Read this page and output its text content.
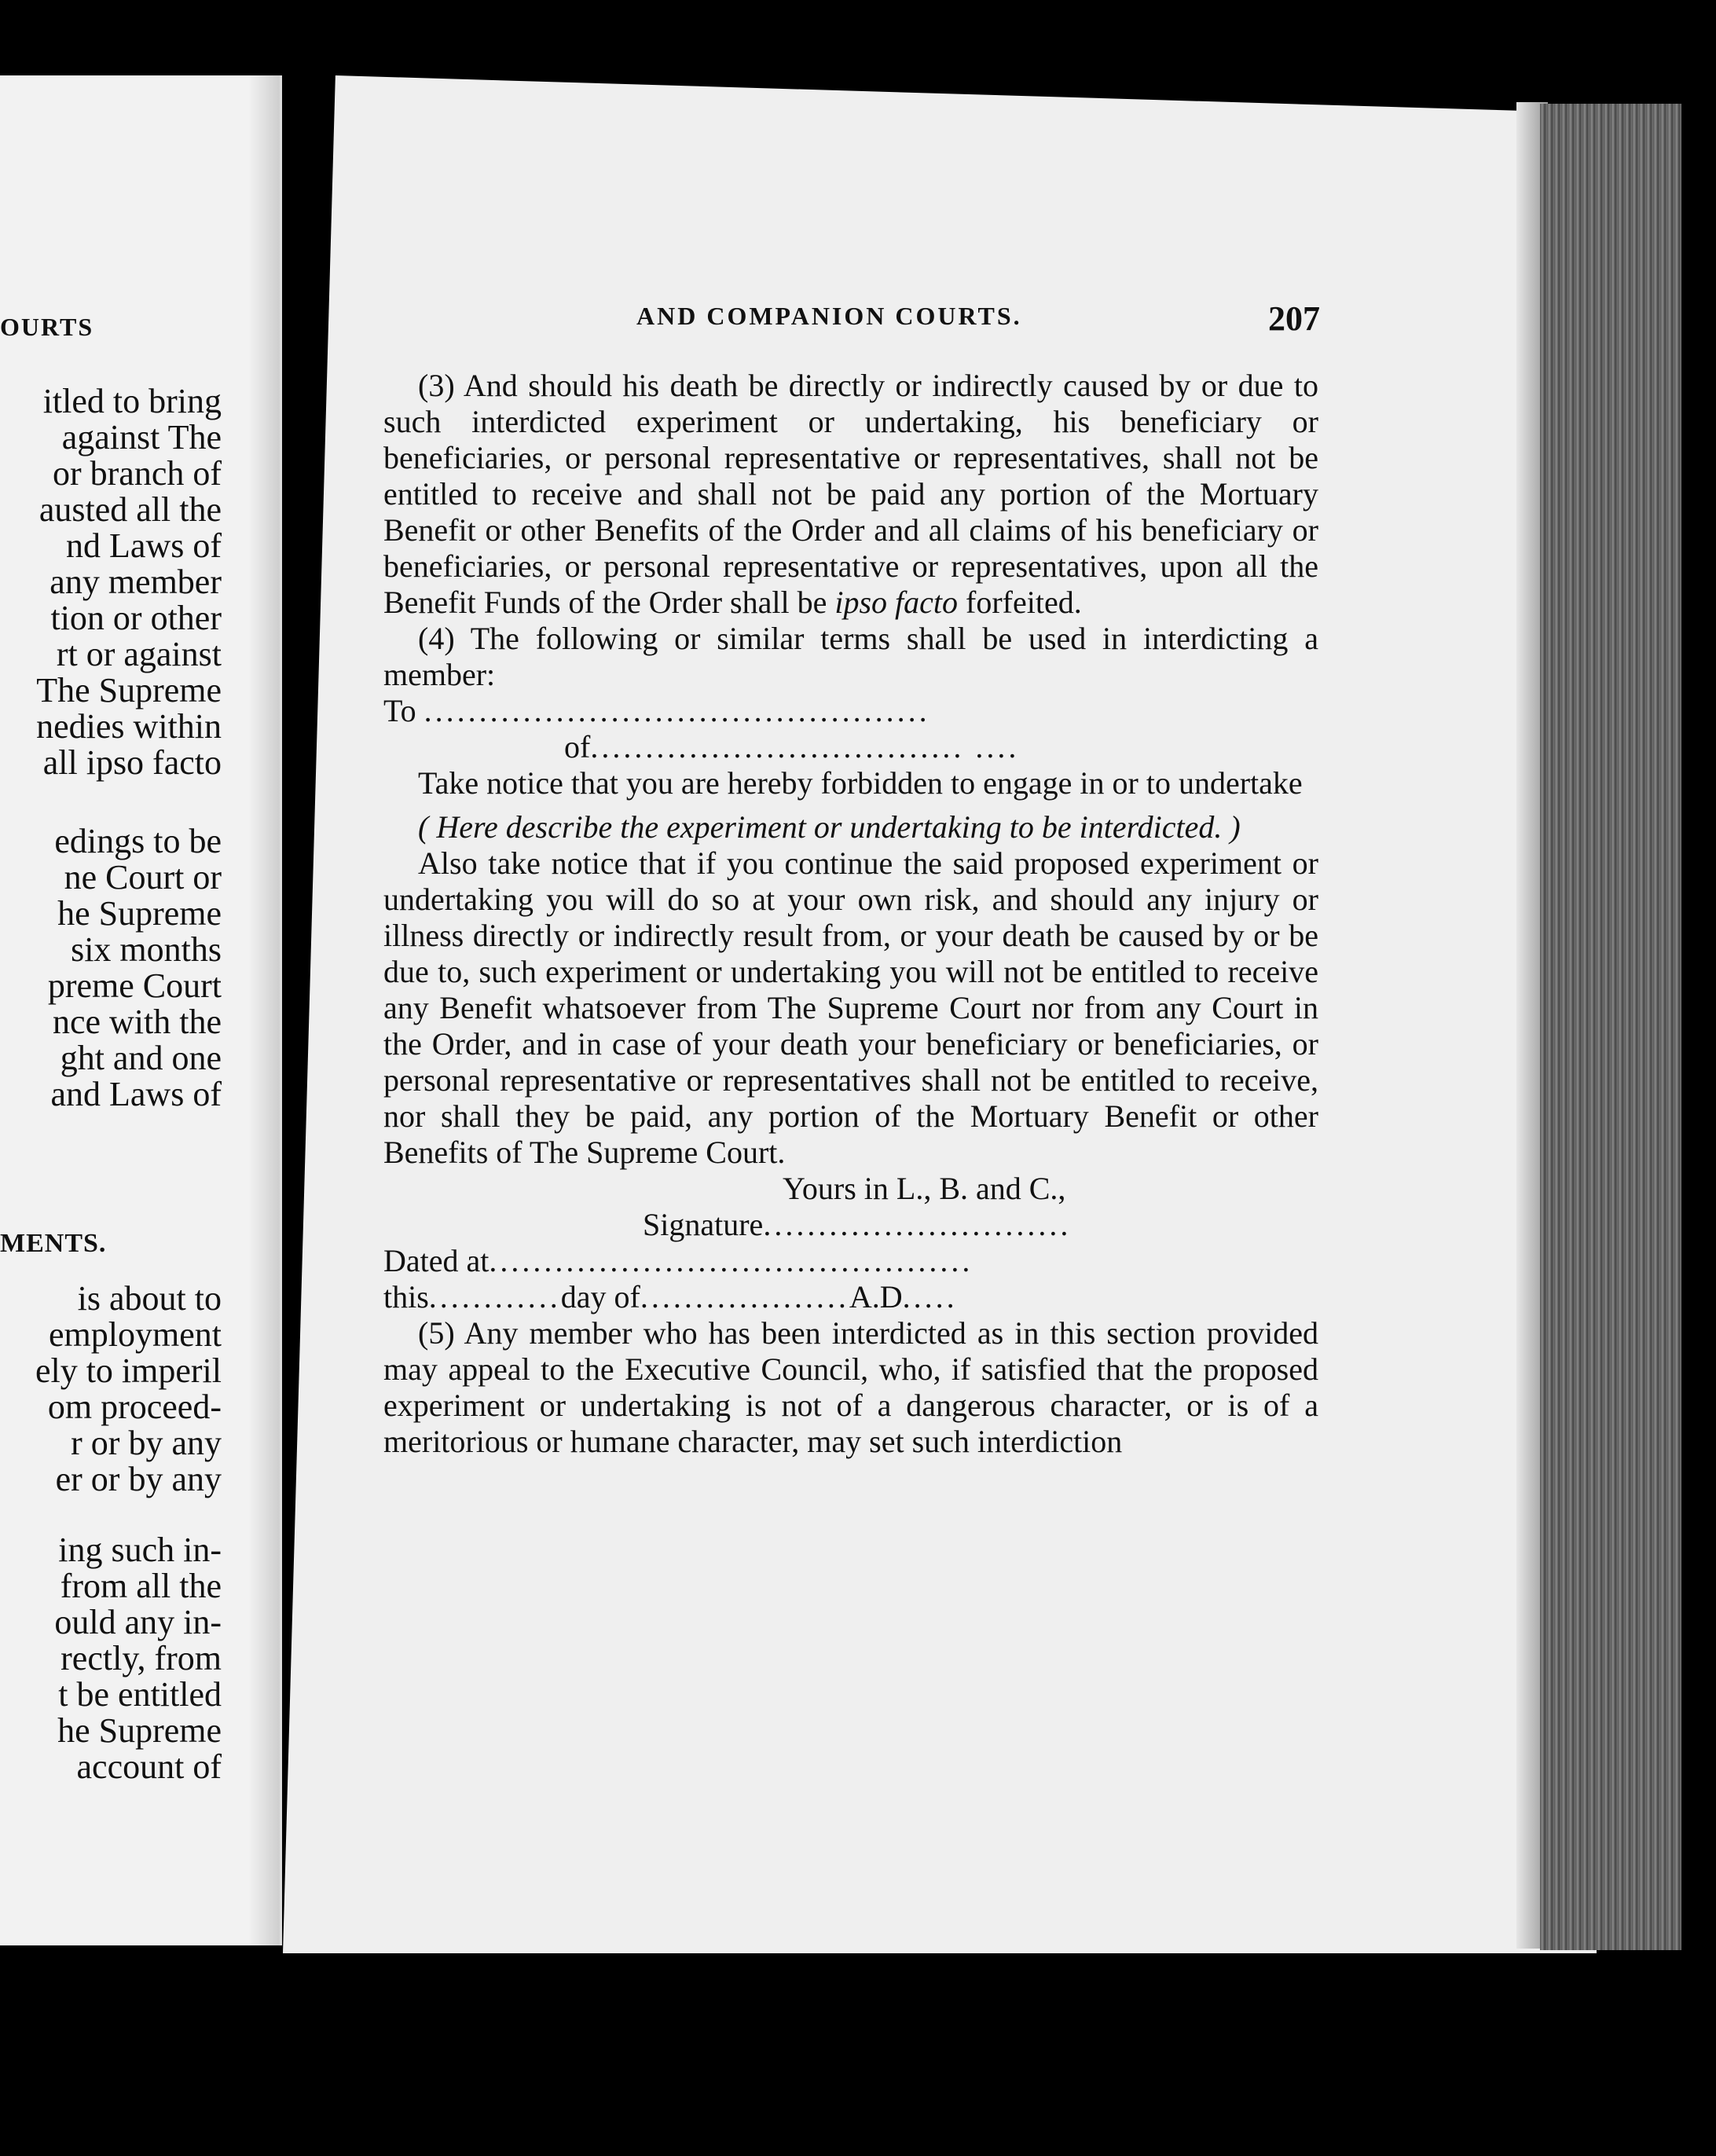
OURTS
itled to bring
against The
or branch of
austed all the
nd Laws of
any member
tion or other
rt or against
The Supreme
nedies within
all ipso facto
edings to be
ne Court or
he Supreme
six months
preme Court
nce with the
ght and one
and Laws of
MENTS.
is about to
employment
ely to imperil
om proceed-
r or by any
er or by any
ing such in-
from all the
ould any in-
rectly, from
t be entitled
he Supreme
account of
AND COMPANION COURTS.	207

(3) And should his death be directly or indirectly caused by or due to such interdicted experiment or undertaking, his beneficiary or beneficiaries, or personal representative or representatives, shall not be entitled to receive and shall not be paid any portion of the Mortuary Benefit or other Benefits of the Order and all claims of his beneficiary or beneficiaries, or personal representative or representatives, upon all the Benefit Funds of the Order shall be ipso facto forfeited.

(4) The following or similar terms shall be used in interdicting a member:

To ..............................................
of.................................. ....

Take notice that you are hereby forbidden to engage in or to undertake

( Here describe the experiment or undertaking to be interdicted. )

Also take notice that if you continue the said proposed experiment or undertaking you will do so at your own risk, and should any injury or illness directly or indirectly result from, or your death be caused by or be due to, such experiment or undertaking you will not be entitled to receive any Benefit whatsoever from The Supreme Court nor from any Court in the Order, and in case of your death your beneficiary or beneficiaries, or personal representative or representatives shall not be entitled to receive, nor shall they be paid, any portion of the Mortuary Benefit or other Benefits of The Supreme Court.

Yours in L., B. and C.,
Signature............................
Dated at............................................
this............day of...................A.D.....

(5) Any member who has been interdicted as in this section provided may appeal to the Executive Council, who, if satisfied that the proposed experiment or undertaking is not of a dangerous character, or is of a meritorious or humane character, may set such interdiction
